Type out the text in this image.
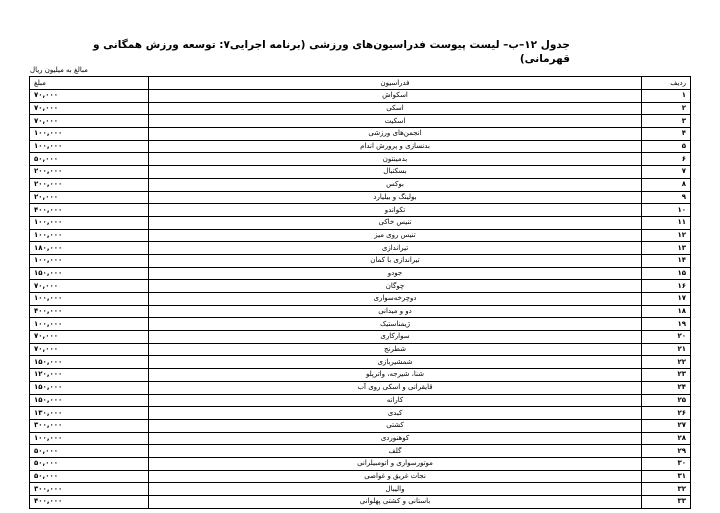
جدول ۱۲–ب– لیست پیوست فدراسیون‌های ورزشی (برنامه اجرایی۷: توسعه ورزش همگانی و قهرمانی)
مبالغ به میلیون ریال
ردیف	فدراسیون	مبلغ
۱	اسکواش	۷۰,۰۰۰
۲	اسکی	۷۰,۰۰۰
۳	اسکیت	۷۰,۰۰۰
۴	انجمن‌های ورزشی	۱۰۰,۰۰۰
۵	بدنسازی و پرورش اندام	۱۰۰,۰۰۰
۶	بدمینتون	۵۰,۰۰۰
۷	بسکتبال	۲۰۰,۰۰۰
۸	بوکس	۲۰۰,۰۰۰
۹	بولینگ و بیلیارد	۲۰,۰۰۰
۱۰	تکواندو	۴۰۰,۰۰۰
۱۱	تنیس خاکی	۱۰۰,۰۰۰
۱۲	تنیس روی میز	۱۰۰,۰۰۰
۱۳	تیراندازی	۱۸۰,۰۰۰
۱۴	تیراندازی با کمان	۱۰۰,۰۰۰
۱۵	جودو	۱۵۰,۰۰۰
۱۶	چوگان	۷۰,۰۰۰
۱۷	دوچرخه‌سواری	۱۰۰,۰۰۰
۱۸	دو و میدانی	۴۰۰,۰۰۰
۱۹	ژیمناستیک	۱۰۰,۰۰۰
۲۰	سوارکاری	۷۰,۰۰۰
۲۱	شطرنج	۷۰,۰۰۰
۲۲	شمشیربازی	۱۵۰,۰۰۰
۲۳	شنا، شیرجه، واترپلو	۱۲۰,۰۰۰
۲۴	قایقرانی و اسکی روی آب	۱۵۰,۰۰۰
۲۵	کاراته	۱۵۰,۰۰۰
۲۶	کبدی	۱۳۰,۰۰۰
۲۷	کشتی	۳۰۰,۰۰۰
۲۸	کوهنوردی	۱۰۰,۰۰۰
۲۹	گلف	۵۰,۰۰۰
۳۰	موتورسواری و اتومبیلرانی	۵۰,۰۰۰
۳۱	نجات غریق و غواصی	۵۰,۰۰۰
۳۲	والیبال	۳۰۰,۰۰۰
۳۳	باستانی و کشتی پهلوانی	۴۰۰,۰۰۰
